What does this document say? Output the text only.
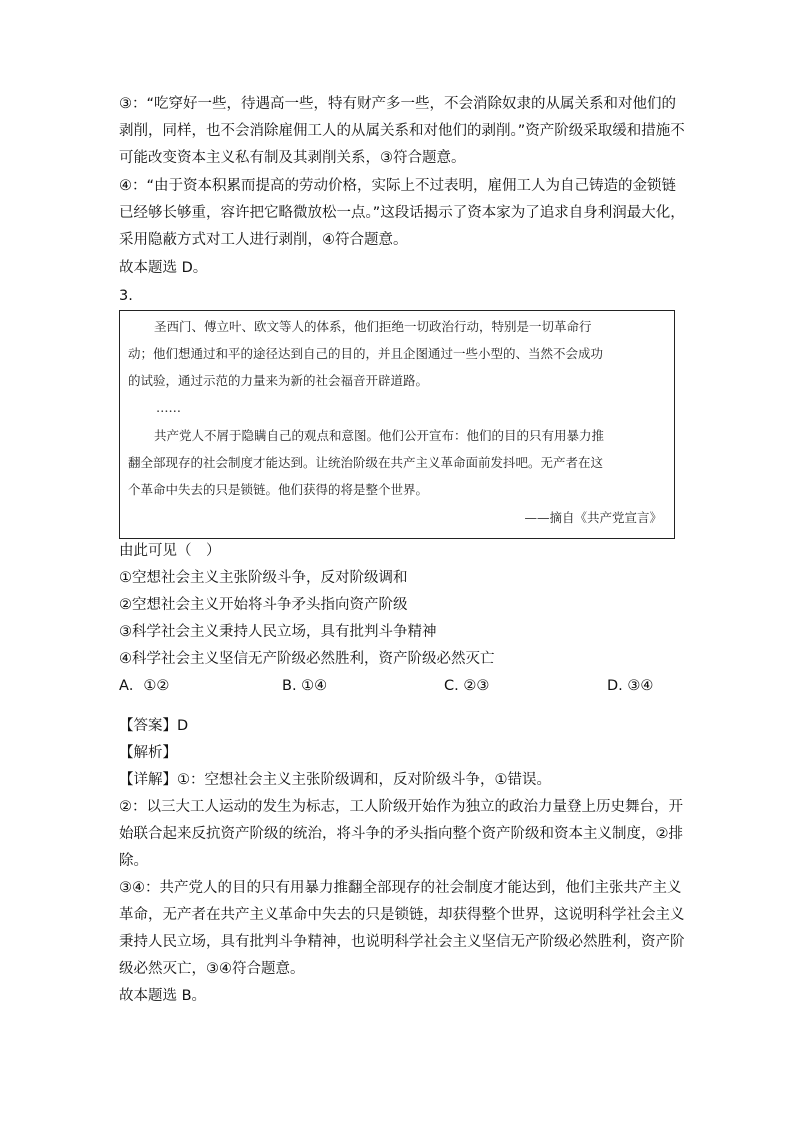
③：“吃穿好一些，待遇高一些，特有财产多一些，不会消除奴隶的从属关系和对他们的
剥削，同样，也不会消除雇佣工人的从属关系和对他们的剥削。”资产阶级采取缓和措施不
可能改变资本主义私有制及其剥削关系，③符合题意。
④：“由于资本积累而提高的劳动价格，实际上不过表明，雇佣工人为自己铸造的金锁链
已经够长够重，容许把它略微放松一点。”这段话揭示了资本家为了追求自身利润最大化，
采用隐蔽方式对工人进行剥削，④符合题意。
故本题选 D。
3.
圣西门、傅立叶、欧文等人的体系，他们拒绝一切政治行动，特别是一切革命行
动；他们想通过和平的途径达到自己的目的，并且企图通过一些小型的、当然不会成功
的试验，通过示范的力量来为新的社会福音开辟道路。
……
共产党人不屑于隐瞒自己的观点和意图。他们公开宣布：他们的目的只有用暴力推
翻全部现存的社会制度才能达到。让统治阶级在共产主义革命面前发抖吧。无产者在这
个革命中失去的只是锁链。他们获得的将是整个世界。
——摘自《共产党宣言》
由此可见（　）
①空想社会主义主张阶级斗争，反对阶级调和
②空想社会主义开始将斗争矛头指向资产阶级
③科学社会主义秉持人民立场，具有批判斗争精神
④科学社会主义坚信无产阶级必然胜利，资产阶级必然灭亡
A．①②	B. ①④	C. ②③	D. ③④
【答案】D
【解析】
【详解】①：空想社会主义主张阶级调和，反对阶级斗争，①错误。
②：以三大工人运动的发生为标志，工人阶级开始作为独立的政治力量登上历史舞台，开
始联合起来反抗资产阶级的统治，将斗争的矛头指向整个资产阶级和资本主义制度，②排
除。
③④：共产党人的目的只有用暴力推翻全部现存的社会制度才能达到，他们主张共产主义
革命，无产者在共产主义革命中失去的只是锁链，却获得整个世界，这说明科学社会主义
秉持人民立场，具有批判斗争精神，也说明科学社会主义坚信无产阶级必然胜利，资产阶
级必然灭亡，③④符合题意。
故本题选 B。
